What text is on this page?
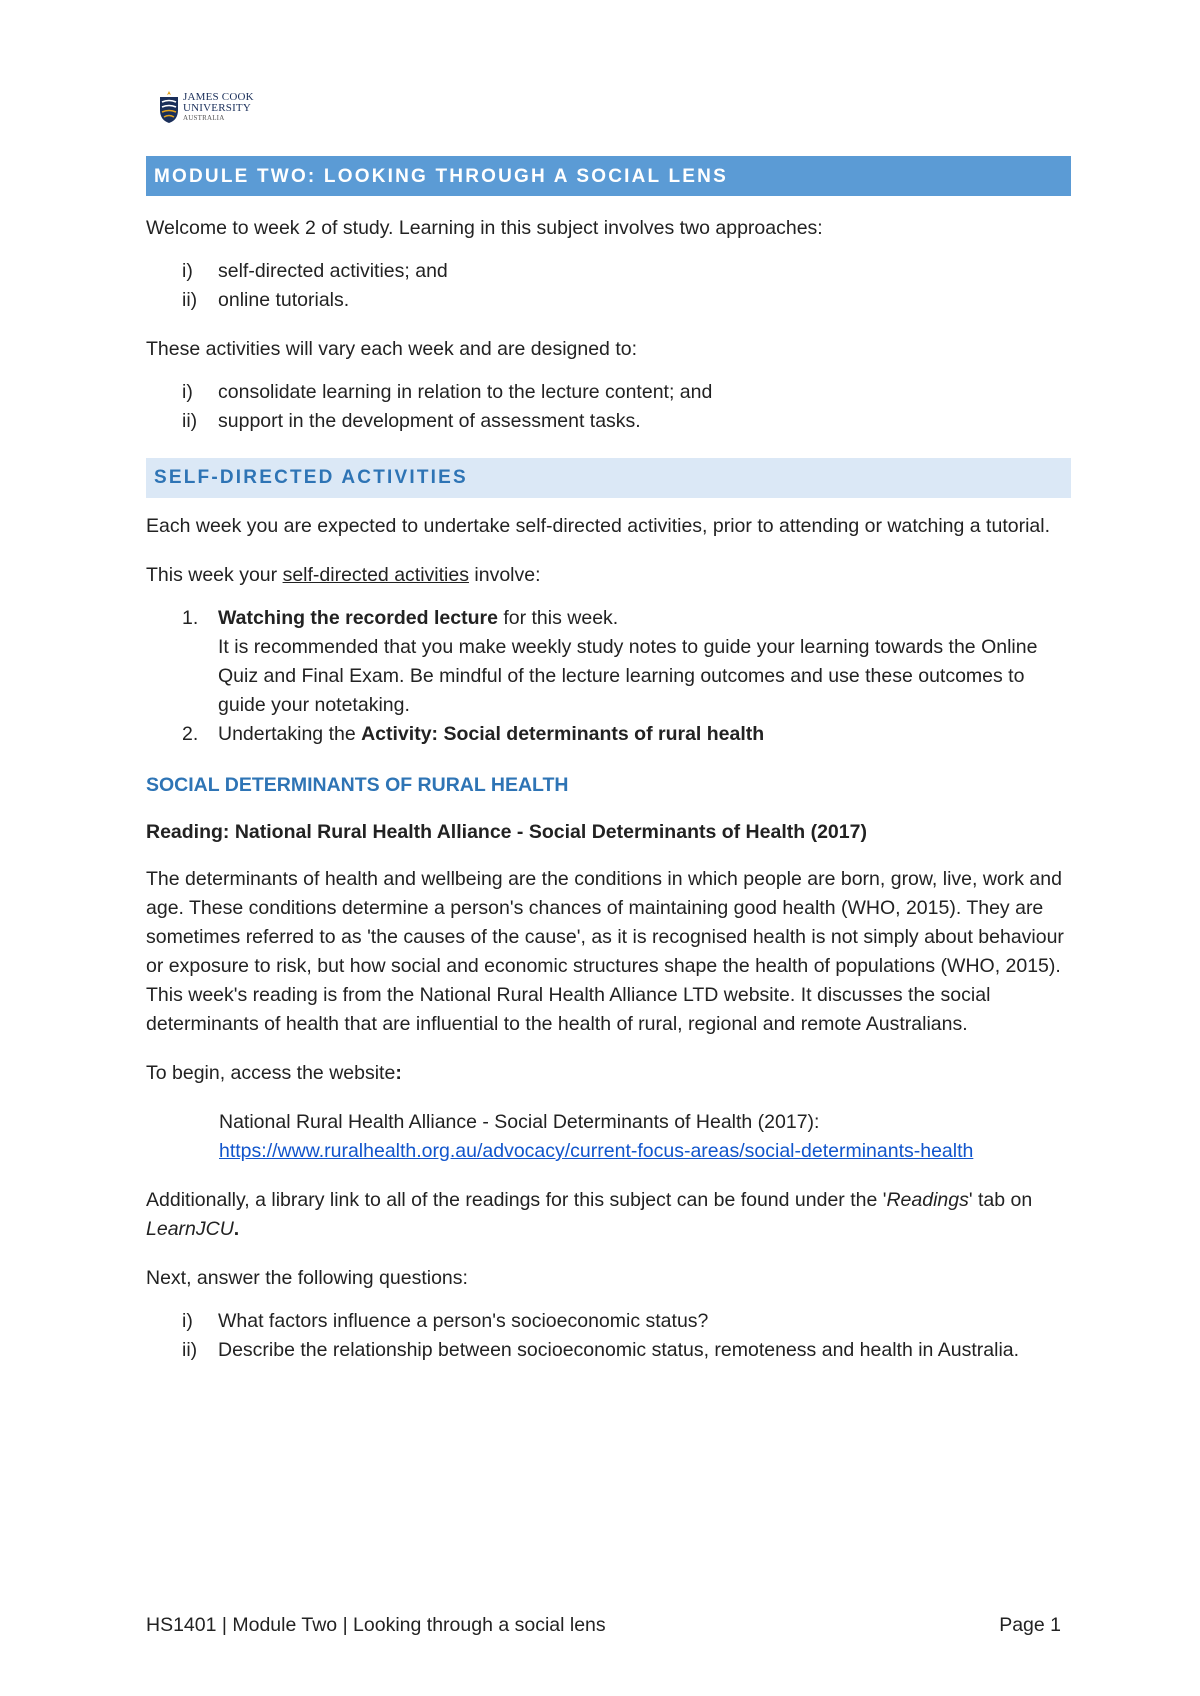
JAMES COOK
UNIVERSITY
AUSTRALIA
MODULE TWO: LOOKING THROUGH A SOCIAL LENS

Welcome to week 2 of study. Learning in this subject involves two approaches:

i) self-directed activities; and
ii) online tutorials.

These activities will vary each week and are designed to:

i) consolidate learning in relation to the lecture content; and
ii) support in the development of assessment tasks.
SELF-DIRECTED ACTIVITIES

Each week you are expected to undertake self-directed activities, prior to attending or watching a tutorial.

This week your self-directed activities involve:

1. Watching the recorded lecture for this week.
It is recommended that you make weekly study notes to guide your learning towards the Online Quiz and Final Exam. Be mindful of the lecture learning outcomes and use these outcomes to guide your notetaking.
2. Undertaking the Activity: Social determinants of rural health
SOCIAL DETERMINANTS OF RURAL HEALTH

Reading: National Rural Health Alliance - Social Determinants of Health (2017)

The determinants of health and wellbeing are the conditions in which people are born, grow, live, work and age. These conditions determine a person's chances of maintaining good health (WHO, 2015). They are sometimes referred to as 'the causes of the cause', as it is recognised health is not simply about behaviour or exposure to risk, but how social and economic structures shape the health of populations (WHO, 2015). This week's reading is from the National Rural Health Alliance LTD website. It discusses the social determinants of health that are influential to the health of rural, regional and remote Australians.

To begin, access the website:

National Rural Health Alliance - Social Determinants of Health (2017):
https://www.ruralhealth.org.au/advocacy/current-focus-areas/social-determinants-health

Additionally, a library link to all of the readings for this subject can be found under the 'Readings' tab on LearnJCU.

Next, answer the following questions:

i) What factors influence a person's socioeconomic status?
ii) Describe the relationship between socioeconomic status, remoteness and health in Australia.
HS1401 | Module Two | Looking through a social lens	Page 1
